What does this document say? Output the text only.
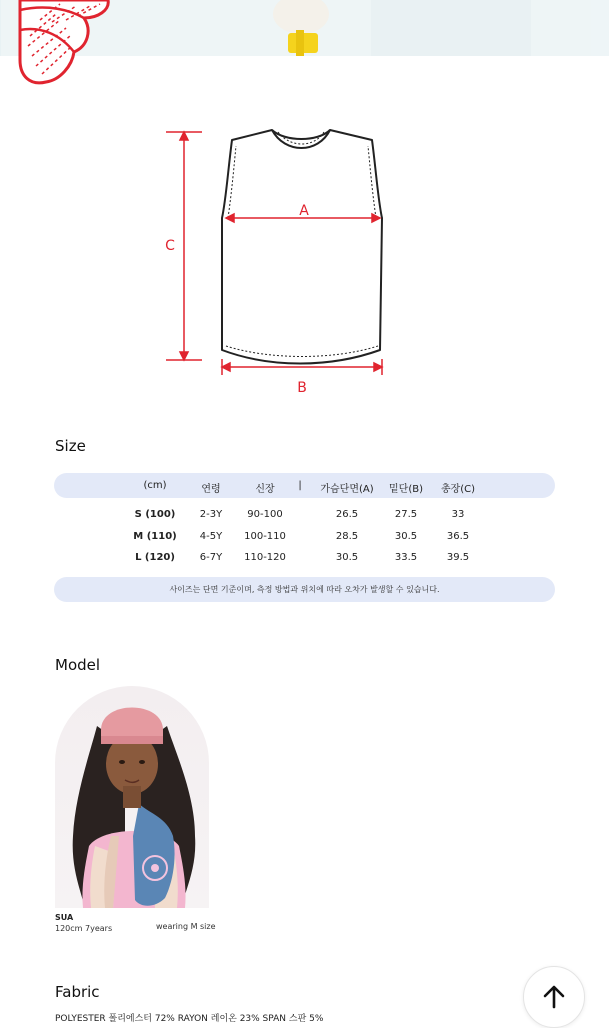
A
B
C
Size
(cm)	연령	신장 | 가슴단면(A) 밑단(B) 총장(C)
S (100) 2-3Y	90-100	26.5	27.5	33
M (110) 4-5Y 100-110	28.5	30.5	36.5
L (120) 6-7Y 110-120	30.5	33.5	39.5
사이즈는 단면 기준이며, 측정 방법과 위치에 따라 오차가 발생할 수 있습니다.
Model
SUA
120cm 7years	wearing M size
Fabric
POLYESTER 폴리에스터 72% RAYON 레이온 23% SPAN 스판 5%
